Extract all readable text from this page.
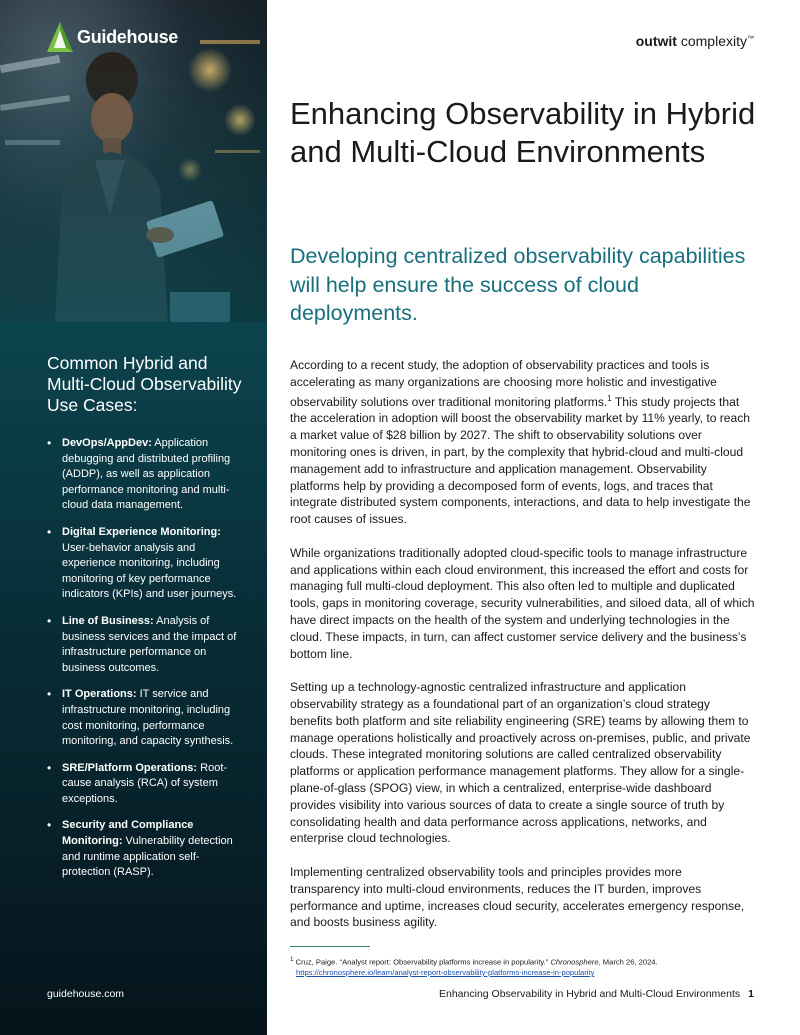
Guidehouse
Common Hybrid and Multi-Cloud Observability Use Cases:
• DevOps/AppDev: Application debugging and distributed profiling (ADDP), as well as application performance monitoring and multi-cloud data management.
• Digital Experience Monitoring: User-behavior analysis and experience monitoring, including monitoring of key performance indicators (KPIs) and user journeys.
• Line of Business: Analysis of business services and the impact of infrastructure performance on business outcomes.
• IT Operations: IT service and infrastructure monitoring, including cost monitoring, performance monitoring, and capacity synthesis.
• SRE/Platform Operations: Root-cause analysis (RCA) of system exceptions.
• Security and Compliance Monitoring: Vulnerability detection and runtime application self-protection (RASP).
guidehouse.com
outwit complexity™
Enhancing Observability in Hybrid and Multi-Cloud Environments
Developing centralized observability capabilities will help ensure the success of cloud deployments.

According to a recent study, the adoption of observability practices and tools is accelerating as many organizations are choosing more holistic and investigative observability solutions over traditional monitoring platforms.$^1$ This study projects that the acceleration in adoption will boost the observability market by 11% yearly, to reach a market value of $28 billion by 2027. The shift to observability solutions over monitoring ones is driven, in part, by the complexity that hybrid-cloud and multi-cloud management add to infrastructure and application management. Observability platforms help by providing a decomposed form of events, logs, and traces that integrate distributed system components, interactions, and data to help investigate the root causes of issues.

While organizations traditionally adopted cloud-specific tools to manage infrastructure and applications within each cloud environment, this increased the effort and costs for managing full multi-cloud deployment. This also often led to multiple and duplicated tools, gaps in monitoring coverage, security vulnerabilities, and siloed data, all of which have direct impacts on the health of the system and underlying technologies in the cloud. These impacts, in turn, can affect customer service delivery and the business’s bottom line.

Setting up a technology-agnostic centralized infrastructure and application observability strategy as a foundational part of an organization’s cloud strategy benefits both platform and site reliability engineering (SRE) teams by allowing them to manage operations holistically and proactively across on-premises, public, and private clouds. These integrated monitoring solutions are called centralized observability platforms or application performance management platforms. They allow for a single-plane-of-glass (SPOG) view, in which a centralized, enterprise-wide dashboard provides visibility into various sources of data to create a single source of truth by consolidating health and data performance across applications, networks, and enterprise cloud technologies.

Implementing centralized observability tools and principles provides more transparency into multi-cloud environments, reduces the IT burden, improves performance and uptime, increases cloud security, accelerates emergency response, and boosts business agility.

$^1$ Cruz, Paige. “Analyst report: Observability platforms increase in popularity.” Chronosphere, March 26, 2024.
https://chronosphere.io/learn/analyst-report-observability-platforms-increase-in-popularity
Enhancing Observability in Hybrid and Multi-Cloud Environments 1
